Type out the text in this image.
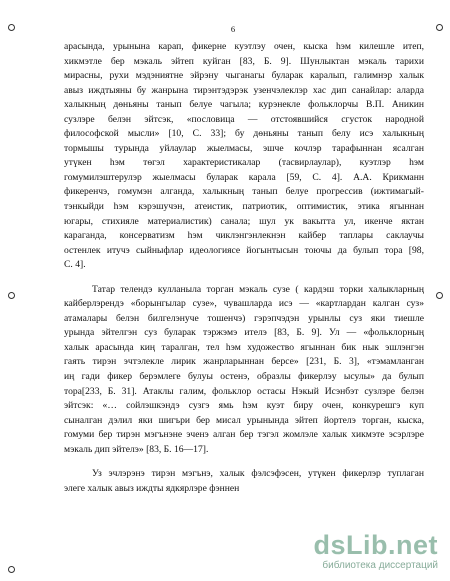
6
арасында, урынына карап, фикерне куэтлэу очен, кыска hэм килешле итеп,
хикмэтле бер мэкаль эйтеп куйган [83, Б. 9]. Шунлыктан мэкаль тарихи
мирасны, рухи мэдэниятне эйрэну чыганагы буларак каралып, галимнэр халык
авыз иждтыяны бу жанрына тирэнтэдэрэк узенчэлеклэр хас дип санайлар: аларда
халыкның дөньяны танып белуе чагыла; курэнекле фольклорчы В.П. Аникин
сузлэре белэн эйтсэк, «пословица — отстоявшийся сгусток народной
философской мысли» [10, С. 33]; бу дөньяны танып белу исэ халыкның
тормышы турында уйлаулар жыелмасы, эшче кочлэр тарафыннан ясалган
утүкен hэм төгэл характеристикалар (тасвирлаулар), куэтлэр hэм
гомумилэштерулэр жыелмасы буларак карала [59, С. 4]. А.А. Крикманн
фикеренчэ, гомумэн алганда, халыкның танып белуе прогрессив (ижтимагый-
тэнкыйди hэм кэрэшучэн, атеистик, патриотик, оптимистик, этика ягыннан
югары, стихияле материалистик) санала; шул ук вакытта ул, икенче яктан
караганда, консерватизм hэм чиклэнгэнлекнэн кайбер таплары саклаучы
остенлек итучэ сыйныфлар идеологиясе йогынтысын тоючы да булып тора [98,
С. 4].
Татар телендэ кулланыла торган мэкаль сузе ( кардэш торки халыкларның
кайберлэрендэ «борынгылар сузе», чувашларда исэ — «картлардан калган суз»
атамалары белэн билгелэнуче тошенчэ) гэрэпчэдэн урынлы суз яки тиешле
урында эйтелгэн суз буларак тэржэмэ ителэ [83, Б. 9]. Ул — «фольклорның
халык арасында киң таралган, тел hэм художество ягыннан бик нык эшлэнгэн
гаять тирэн эчтэлекле лирик жанрларыннан берсе» [231, Б. 3], «тэмамланган
иң гади фикер берэмлеге булуы остенэ, образлы фикерлэу ысулы» да булып
тора[233, Б. 31]. Атаклы галим, фольклор остасы Нэкый Исэнбэт сузлэре белэн
эйтсэк: «… сойлэшкэндэ сузгэ ямь hэм куэт биру очен, конкурешгэ куп
сыналган дэлил яки шигъри бер мисал урынында эйтеп йортелэ торган, кыска,
гомуми бер тирэн мэгънэне эченэ алган бер тэгэл жомлэле халык хикмэте эсэрлэре
мэкаль дип эйтелэ» [83, Б. 16—17].
Уз эчлэрэнэ тирэн мэгънэ, халык фэлсэфэсен, утүкен фикерлэр туплаган
элеге халык авыз иждты ядкярлэре фэннен
dsLib.net
библиотека диссертаций
